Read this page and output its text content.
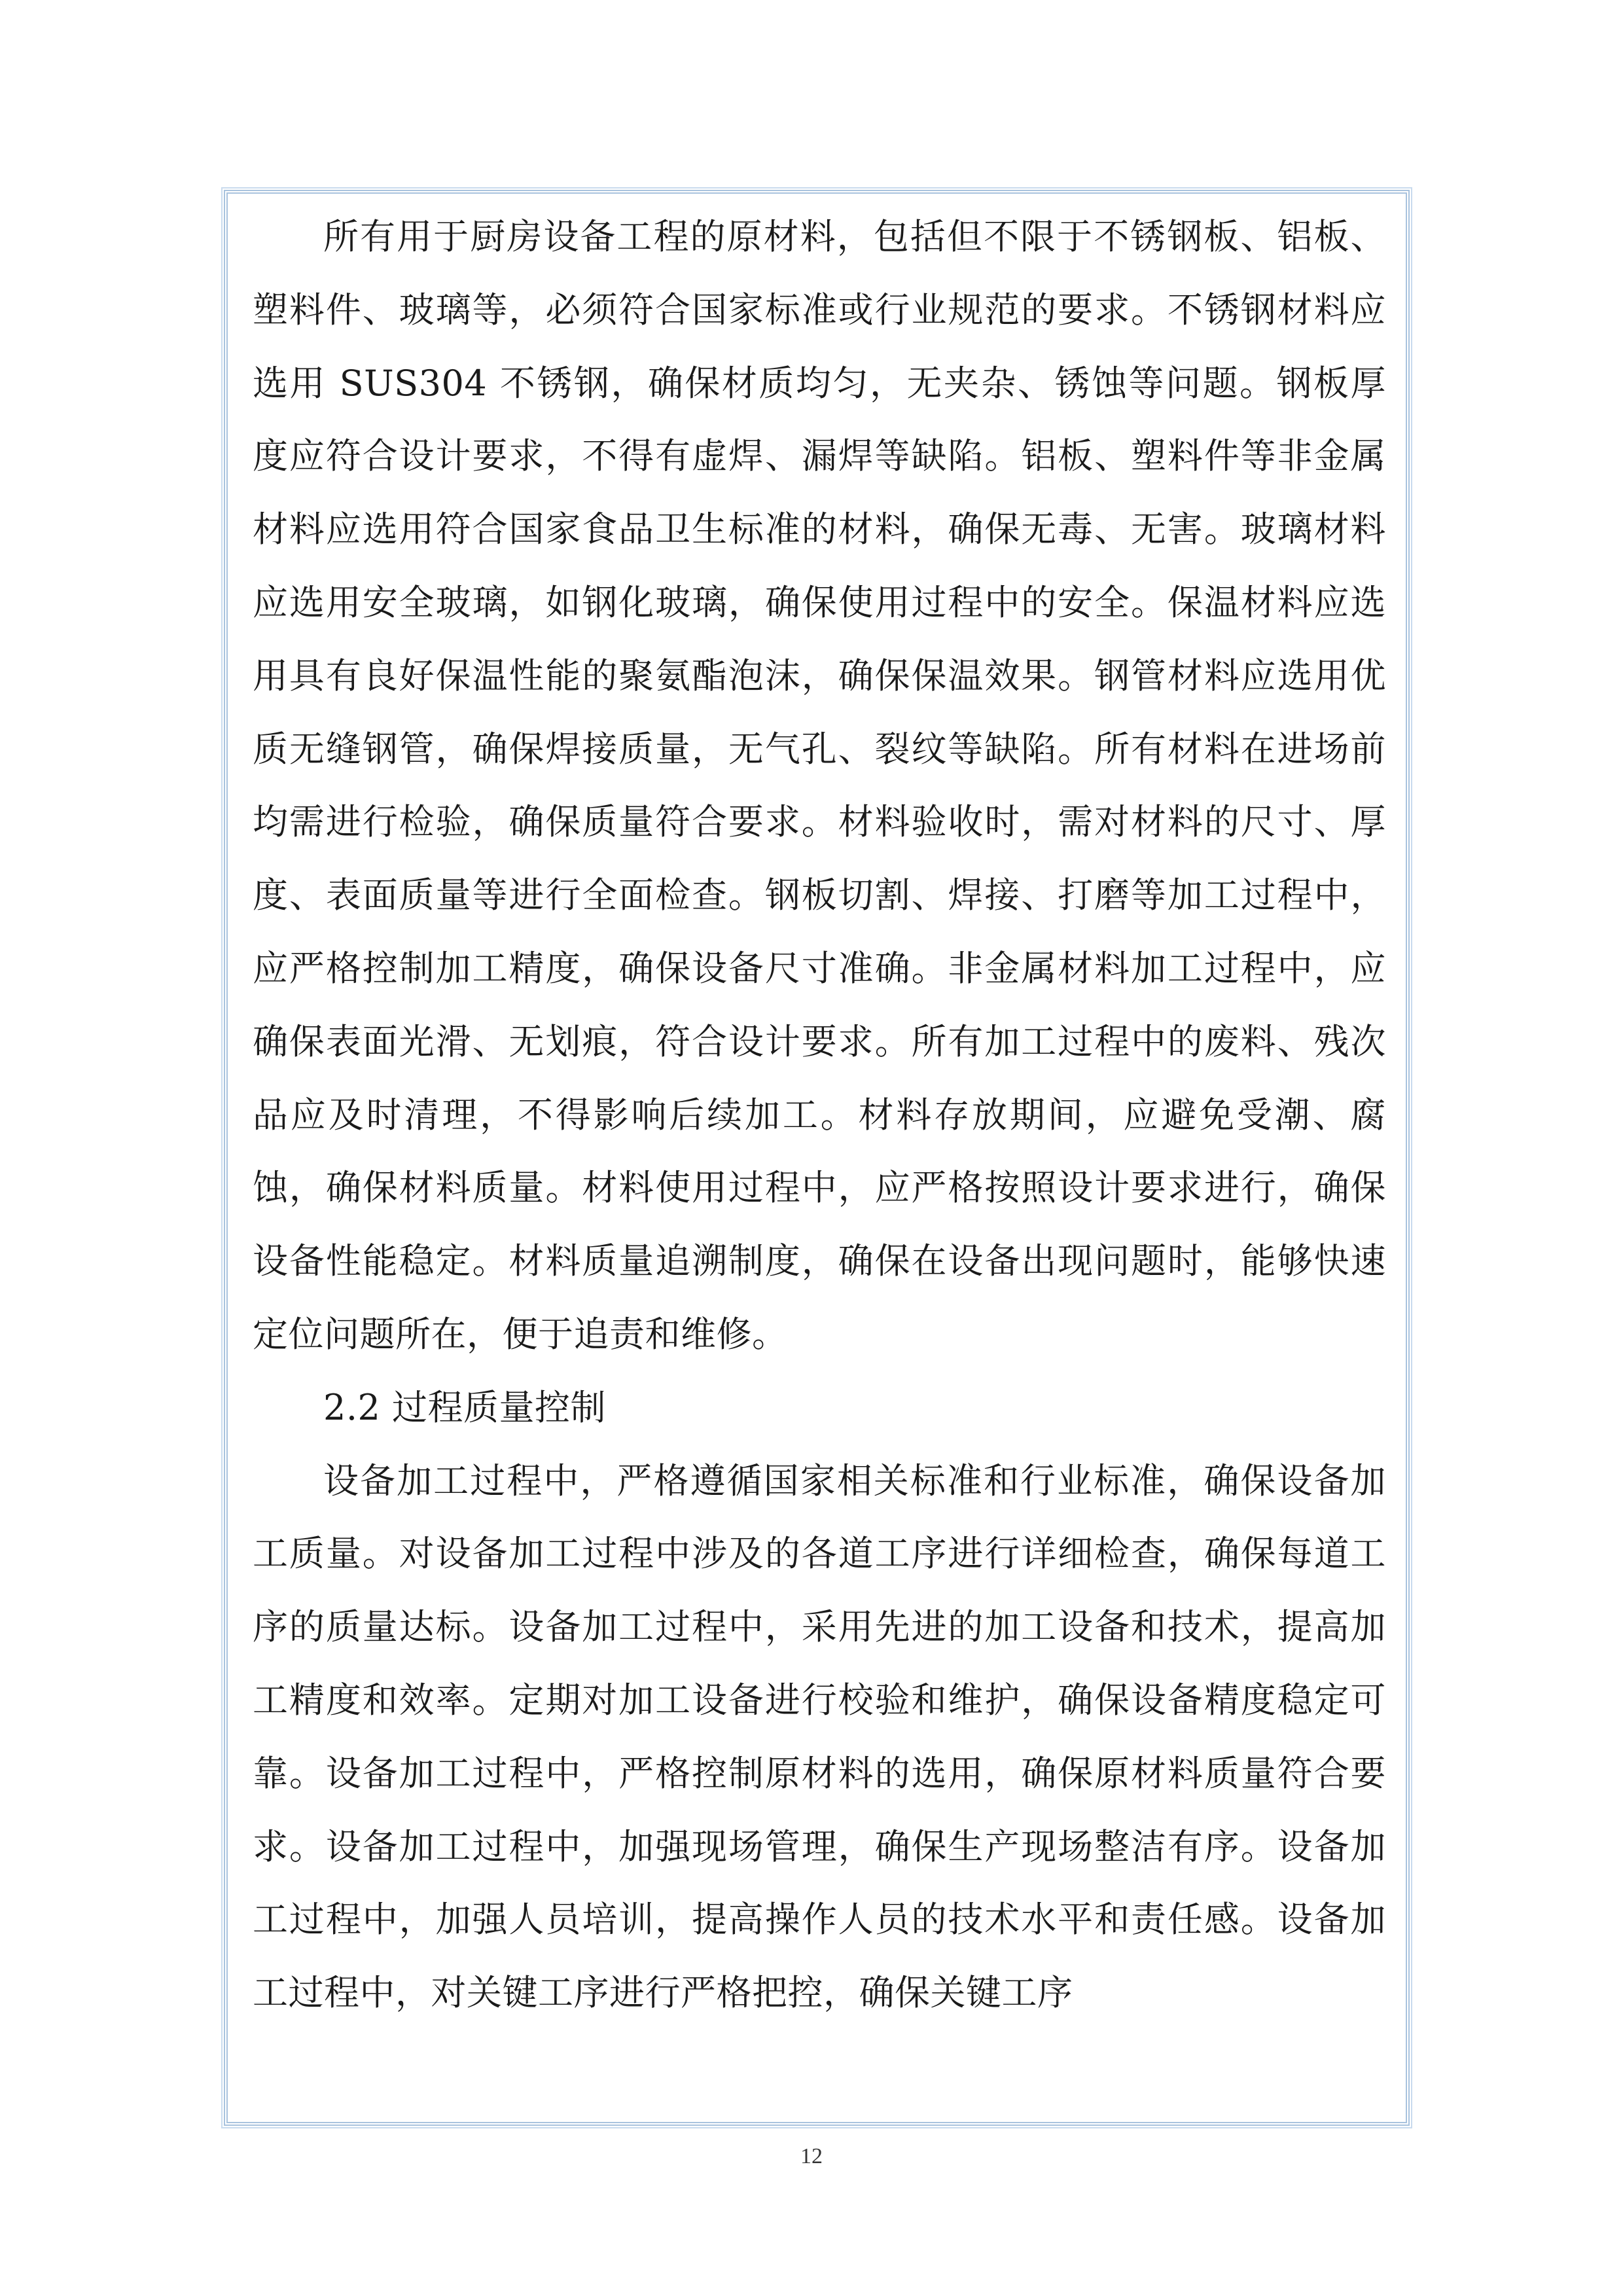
所有用于厨房设备工程的原材料，包括但不限于不锈钢板、铝板、塑料件、玻璃等，必须符合国家标准或行业规范的要求。不锈钢材料应选用 SUS304 不锈钢，确保材质均匀，无夹杂、锈蚀等问题。钢板厚度应符合设计要求，不得有虚焊、漏焊等缺陷。铝板、塑料件等非金属材料应选用符合国家食品卫生标准的材料，确保无毒、无害。玻璃材料应选用安全玻璃，如钢化玻璃，确保使用过程中的安全。保温材料应选用具有良好保温性能的聚氨酯泡沫，确保保温效果。钢管材料应选用优质无缝钢管，确保焊接质量，无气孔、裂纹等缺陷。所有材料在进场前均需进行检验，确保质量符合要求。材料验收时，需对材料的尺寸、厚度、表面质量等进行全面检查。钢板切割、焊接、打磨等加工过程中，应严格控制加工精度，确保设备尺寸准确。非金属材料加工过程中，应确保表面光滑、无划痕，符合设计要求。所有加工过程中的废料、残次品应及时清理，不得影响后续加工。材料存放期间，应避免受潮、腐蚀，确保材料质量。材料使用过程中，应严格按照设计要求进行，确保设备性能稳定。材料质量追溯制度，确保在设备出现问题时，能够快速定位问题所在，便于追责和维修。

2.2 过程质量控制

设备加工过程中，严格遵循国家相关标准和行业标准，确保设备加工质量。对设备加工过程中涉及的各道工序进行详细检查，确保每道工序的质量达标。设备加工过程中，采用先进的加工设备和技术，提高加工精度和效率。定期对加工设备进行校验和维护，确保设备精度稳定可靠。设备加工过程中，严格控制原材料的选用，确保原材料质量符合要求。设备加工过程中，加强现场管理，确保生产现场整洁有序。设备加工过程中，加强人员培训，提高操作人员的技术水平和责任感。设备加工过程中，对关键工序进行严格把控，确保关键工序

12
